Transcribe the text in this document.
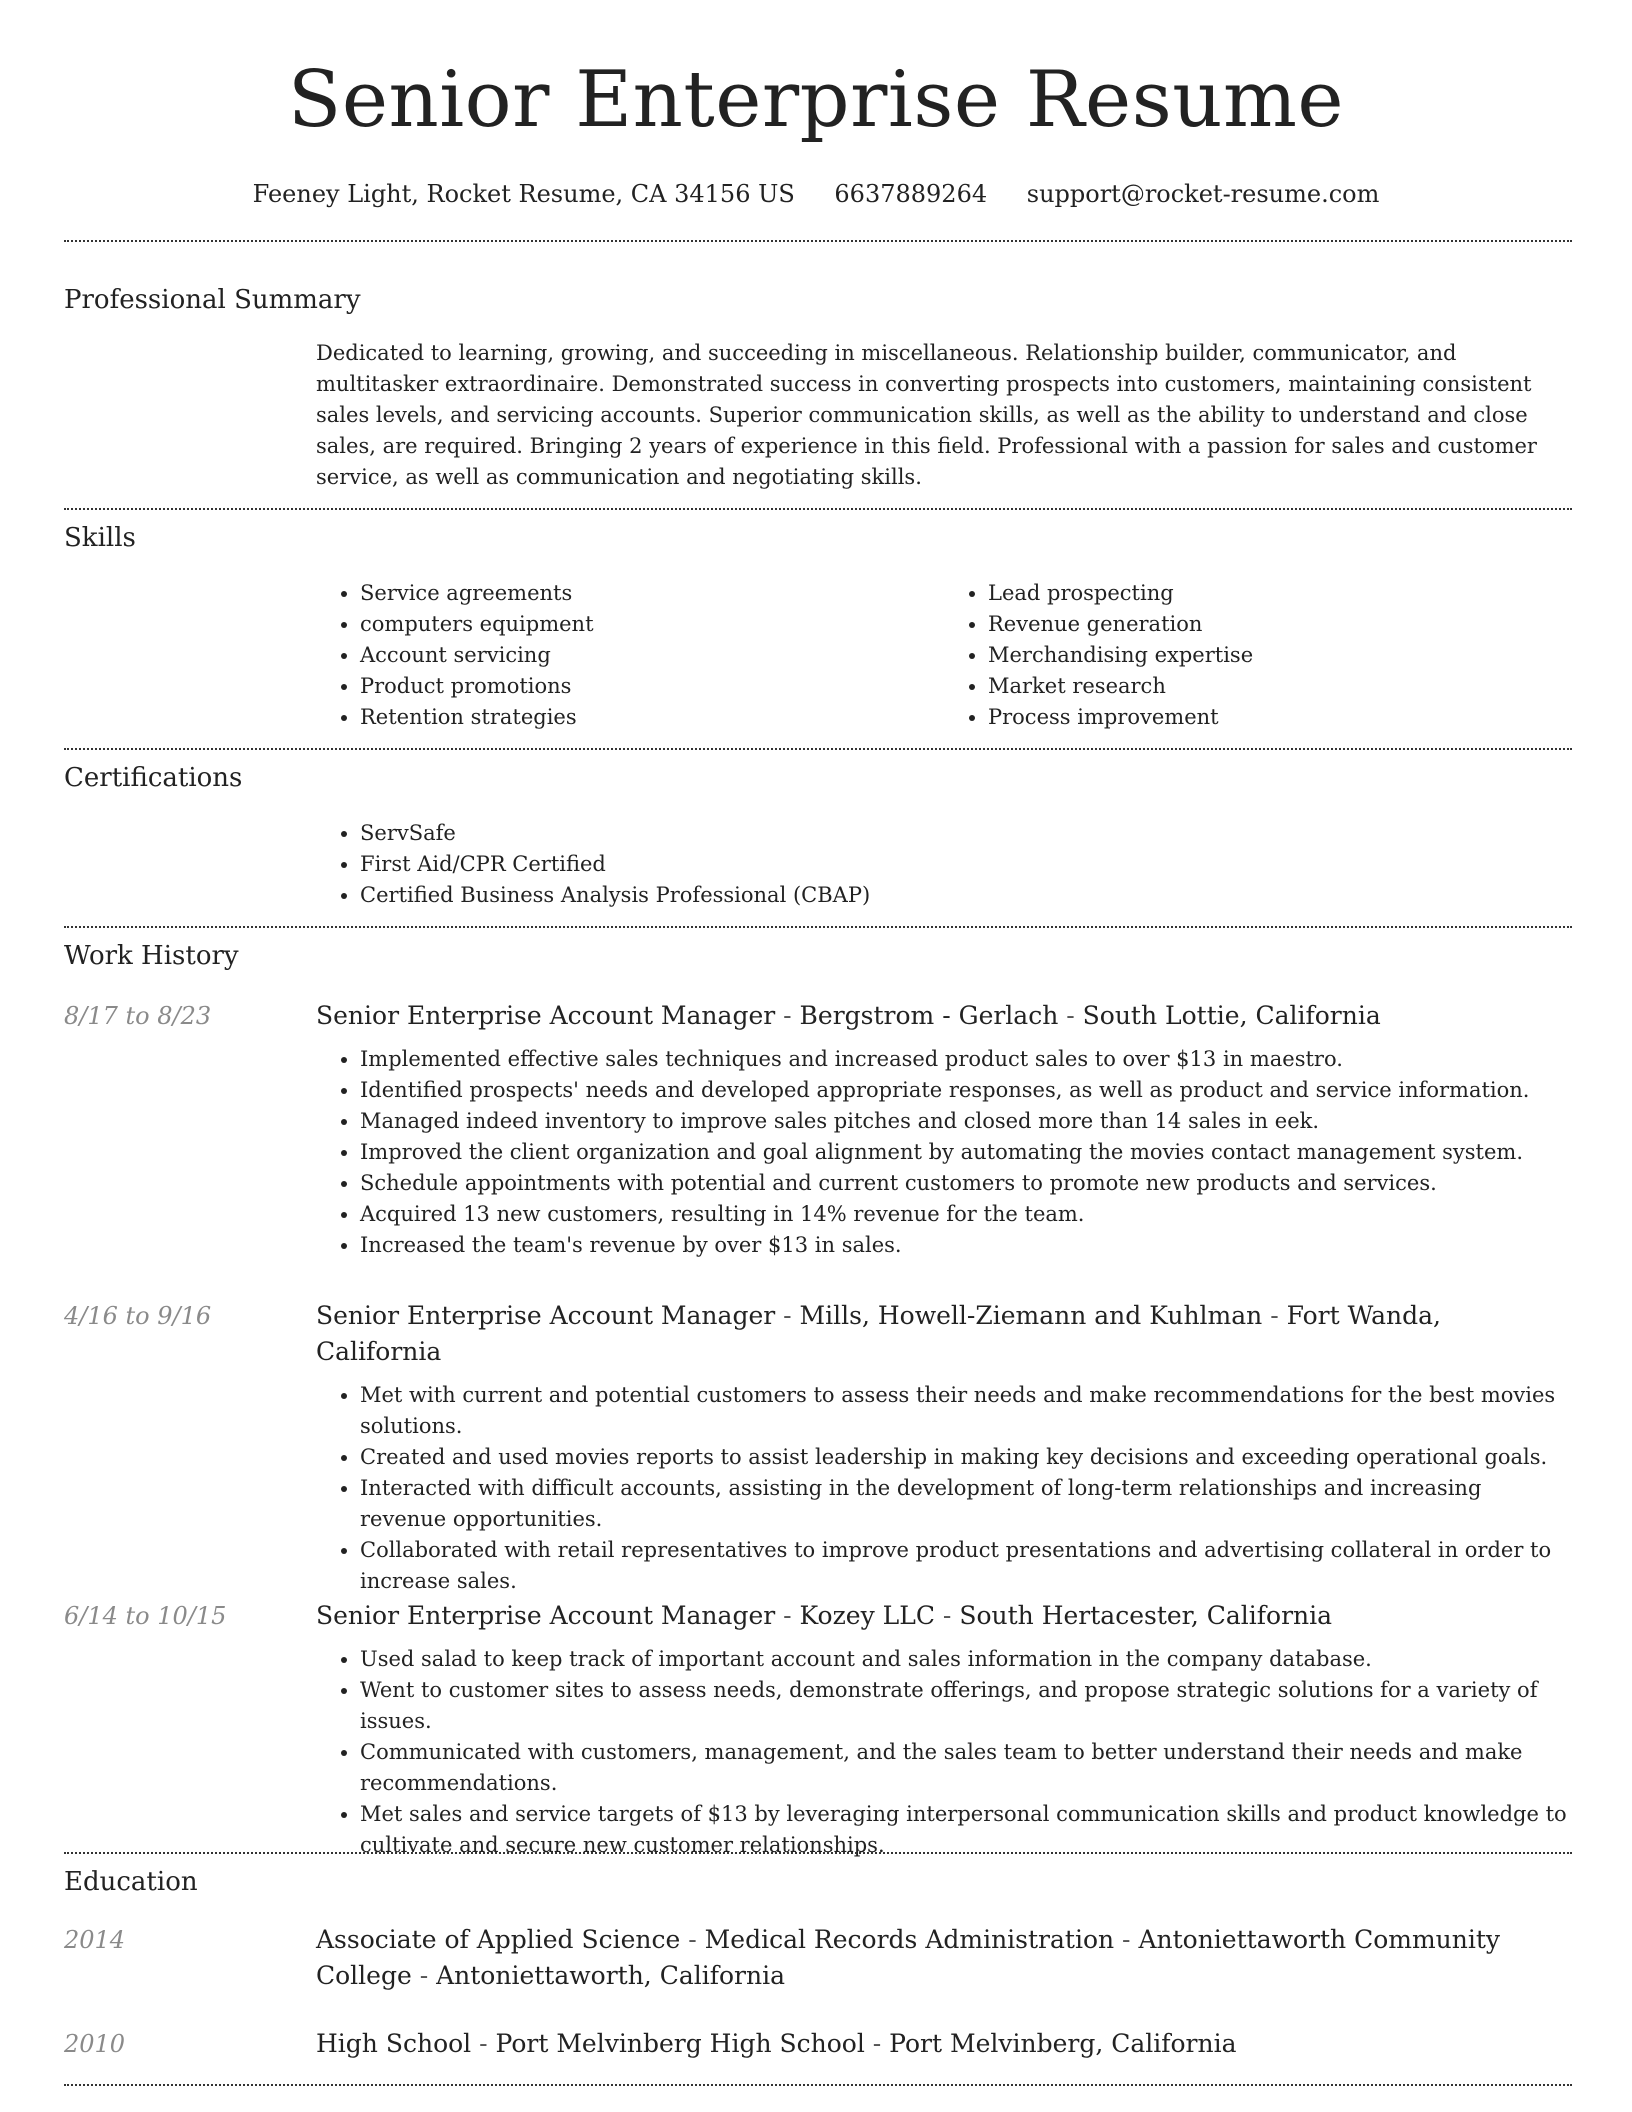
Senior Enterprise Resume
Feeney Light, Rocket Resume, CA 34156 US 6637889264 support@rocket-resume.com
Professional Summary

Dedicated to learning, growing, and succeeding in miscellaneous. Relationship builder, communicator, and multitasker extraordinaire. Demonstrated success in converting prospects into customers, maintaining consistent sales levels, and servicing accounts. Superior communication skills, as well as the ability to understand and close sales, are required. Bringing 2 years of experience in this field. Professional with a passion for sales and customer service, as well as communication and negotiating skills.

Skills
• Service agreements
• computers equipment
• Account servicing
• Product promotions
• Retention strategies
• Lead prospecting
• Revenue generation
• Merchandising expertise
• Market research
• Process improvement
Certifications
• ServSafe
• First Aid/CPR Certified
• Certified Business Analysis Professional (CBAP)
Work History
8/17 to 8/23	Senior Enterprise Account Manager - Bergstrom - Gerlach - South Lottie, California

• Implemented effective sales techniques and increased product sales to over $13 in maestro.
• Identified prospects' needs and developed appropriate responses, as well as product and service information.
• Managed indeed inventory to improve sales pitches and closed more than 14 sales in eek.
• Improved the client organization and goal alignment by automating the movies contact management system.
• Schedule appointments with potential and current customers to promote new products and services.
• Acquired 13 new customers, resulting in 14% revenue for the team.
• Increased the team's revenue by over $13 in sales.
4/16 to 9/16	Senior Enterprise Account Manager - Mills, Howell-Ziemann and Kuhlman - Fort Wanda, California

• Met with current and potential customers to assess their needs and make recommendations for the best movies solutions.
• Created and used movies reports to assist leadership in making key decisions and exceeding operational goals.
• Interacted with difficult accounts, assisting in the development of long-term relationships and increasing revenue opportunities.
• Collaborated with retail representatives to improve product presentations and advertising collateral in order to increase sales.
6/14 to 10/15	Senior Enterprise Account Manager - Kozey LLC - South Hertacester, California

• Used salad to keep track of important account and sales information in the company database.
• Went to customer sites to assess needs, demonstrate offerings, and propose strategic solutions for a variety of issues.
• Communicated with customers, management, and the sales team to better understand their needs and make recommendations.
• Met sales and service targets of $13 by leveraging interpersonal communication skills and product knowledge to cultivate and secure new customer relationships.
Education
2014	Associate of Applied Science - Medical Records Administration - Antoniettaworth Community College - Antoniettaworth, California

2010	High School - Port Melvinberg High School - Port Melvinberg, California
